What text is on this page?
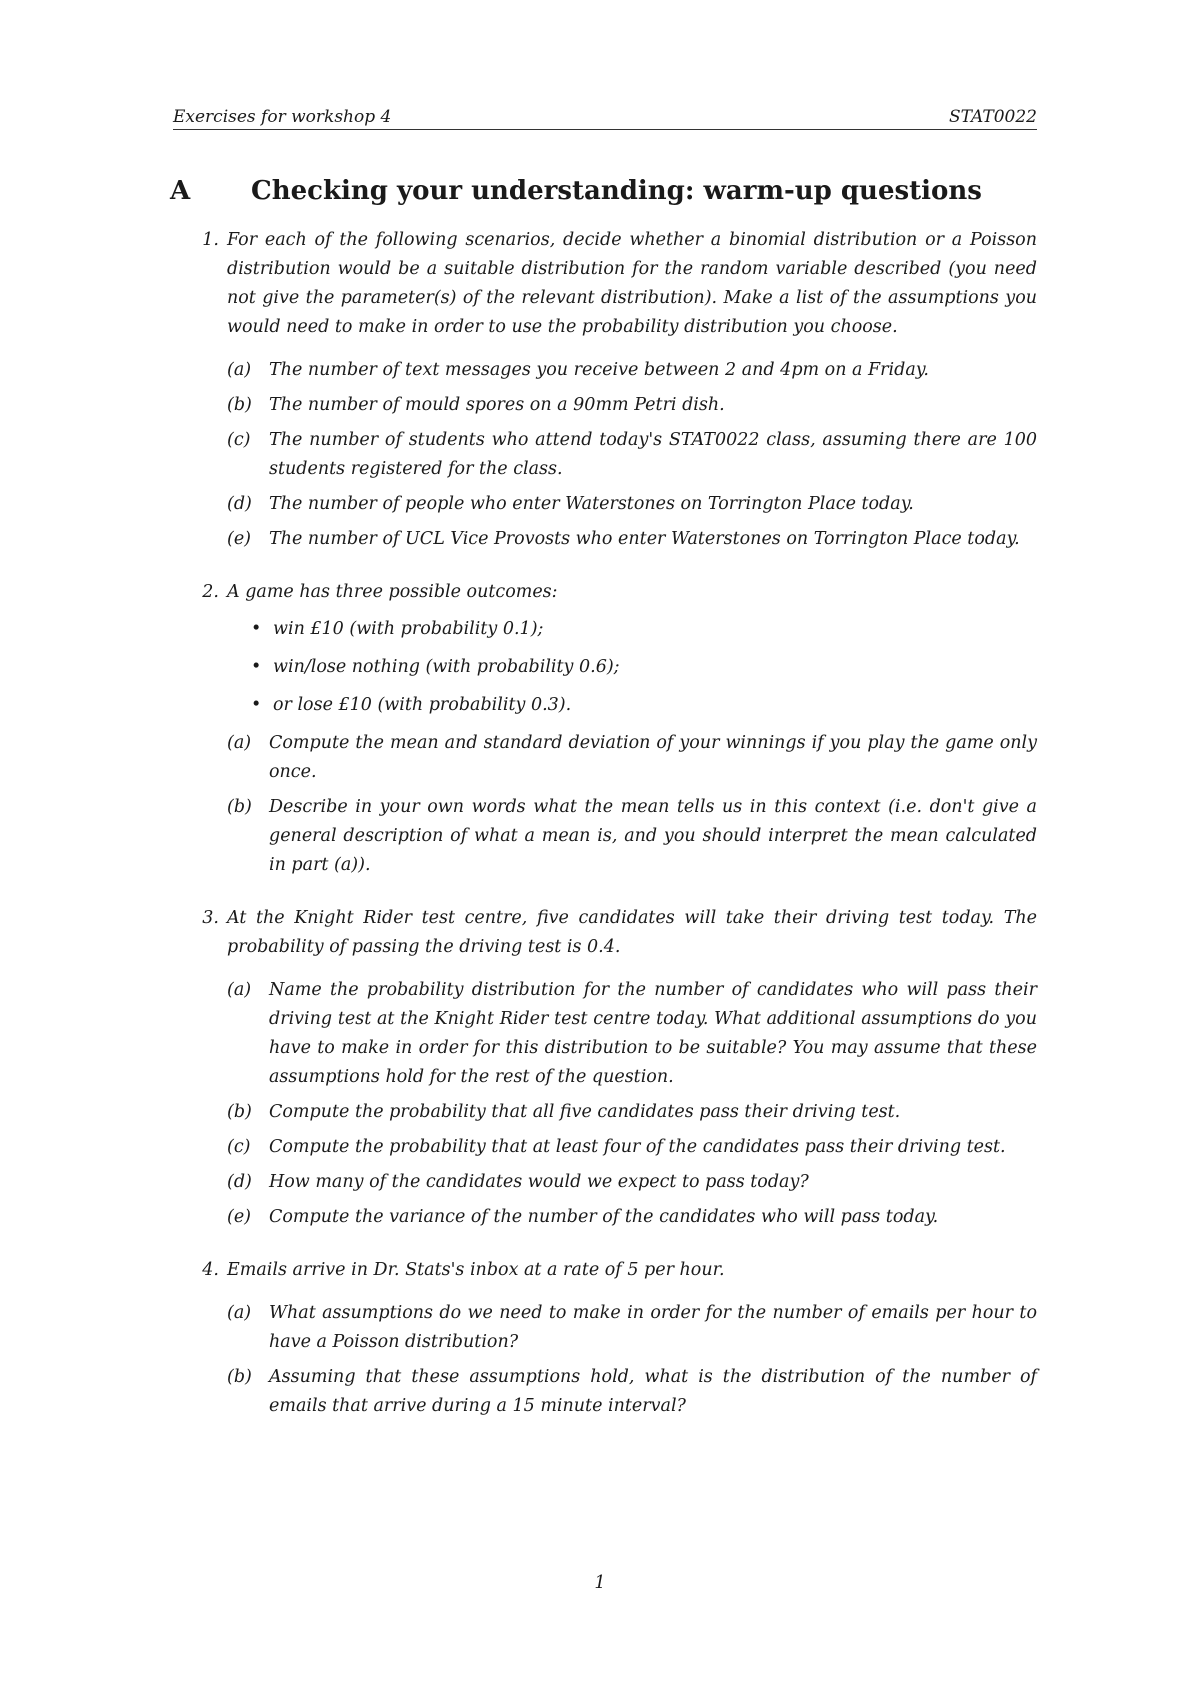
Exercises for workshop 4	STAT0022
A	Checking your understanding: warm-up questions
1. For each of the following scenarios, decide whether a binomial distribution or a Poisson distribution would be a suitable distribution for the random variable described (you need not give the parameter(s) of the relevant distribution). Make a list of the assumptions you would need to make in order to use the probability distribution you choose.
(a)	The number of text messages you receive between 2 and 4pm on a Friday.
(b) The number of mould spores on a 90mm Petri dish.
(c)	The number of students who attend today's STAT0022 class, assuming there are 100 students registered for the class.
(d) The number of people who enter Waterstones on Torrington Place today.
(e)	The number of UCL Vice Provosts who enter Waterstones on Torrington Place today.
2. A game has three possible outcomes:
• win £10 (with probability 0.1);
• win/lose nothing (with probability 0.6);
• or lose £10 (with probability 0.3).
(a)	Compute the mean and standard deviation of your winnings if you play the game only once.
(b) Describe in your own words what the mean tells us in this context (i.e. don't give a general description of what a mean is, and you should interpret the mean calculated in part (a)).
3. At the Knight Rider test centre, five candidates will take their driving test today. The probability of passing the driving test is 0.4.
(a)	Name the probability distribution for the number of candidates who will pass their driving test at the Knight Rider test centre today. What additional assumptions do you have to make in order for this distribution to be suitable? You may assume that these assumptions hold for the rest of the question.
(b) Compute the probability that all five candidates pass their driving test.
(c)	Compute the probability that at least four of the candidates pass their driving test.
(d) How many of the candidates would we expect to pass today?
(e)	Compute the variance of the number of the candidates who will pass today.
4. Emails arrive in Dr. Stats's inbox at a rate of 5 per hour.
(a)	What assumptions do we need to make in order for the number of emails per hour to have a Poisson distribution?
(b) Assuming that these assumptions hold, what is the distribution of the number of emails that arrive during a 15 minute interval?
1
